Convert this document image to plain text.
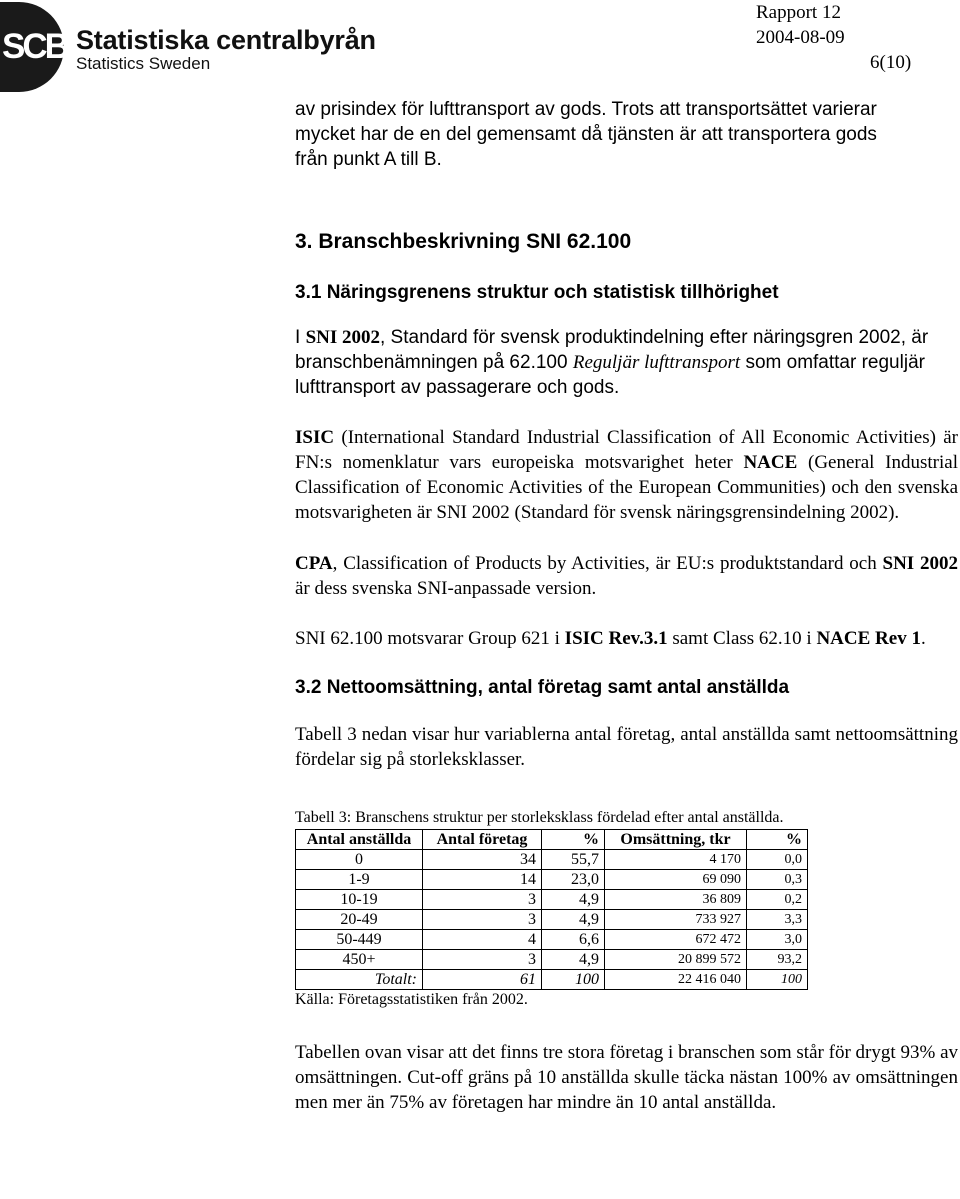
SCB Statistiska centralbyrån
Statistics Sweden
Rapport 12
2004-08-09
6(10)

av prisindex för lufttransport av gods. Trots att transportsättet varierar mycket har de en del gemensamt då tjänsten är att transportera gods från punkt A till B.

3. Branschbeskrivning SNI 62.100
3.1 Näringsgrenens struktur och statistisk tillhörighet

I SNI 2002, Standard för svensk produktindelning efter näringsgren 2002, är branschbenämningen på 62.100 Reguljär lufttransport som omfattar reguljär lufttransport av passagerare och gods.

ISIC (International Standard Industrial Classification of All Economic Activities) är FN:s nomenklatur vars europeiska motsvarighet heter NACE (General Industrial Classification of Economic Activities of the European Communities) och den svenska motsvarigheten är SNI 2002 (Standard för svensk näringsgrensindelning 2002).

CPA, Classification of Products by Activities, är EU:s produktstandard och SNI 2002 är dess svenska SNI-anpassade version.

SNI 62.100 motsvarar Group 621 i ISIC Rev.3.1 samt Class 62.10 i NACE Rev 1.

3.2 Nettoomsättning, antal företag samt antal anställda

Tabell 3 nedan visar hur variablerna antal företag, antal anställda samt nettoomsättning fördelar sig på storleksklasser.

Tabell 3: Branschens struktur per storleksklass fördelad efter antal anställda.
Antal anställda	Antal företag	%	Omsättning, tkr	%
0	34	55,7	4 170	0,0
1-9	14	23,0	69 090	0,3
10-19	3	4,9	36 809	0,2
20-49	3	4,9	733 927	3,3
50-449	4	6,6	672 472	3,0
450+	3	4,9	20 899 572	93,2
Totalt:	61	100	22 416 040	100
Källa: Företagsstatistiken från 2002.

Tabellen ovan visar att det finns tre stora företag i branschen som står för drygt 93% av omsättningen. Cut-off gräns på 10 anställda skulle täcka nästan 100% av omsättningen men mer än 75% av företagen har mindre än 10 antal anställda.
